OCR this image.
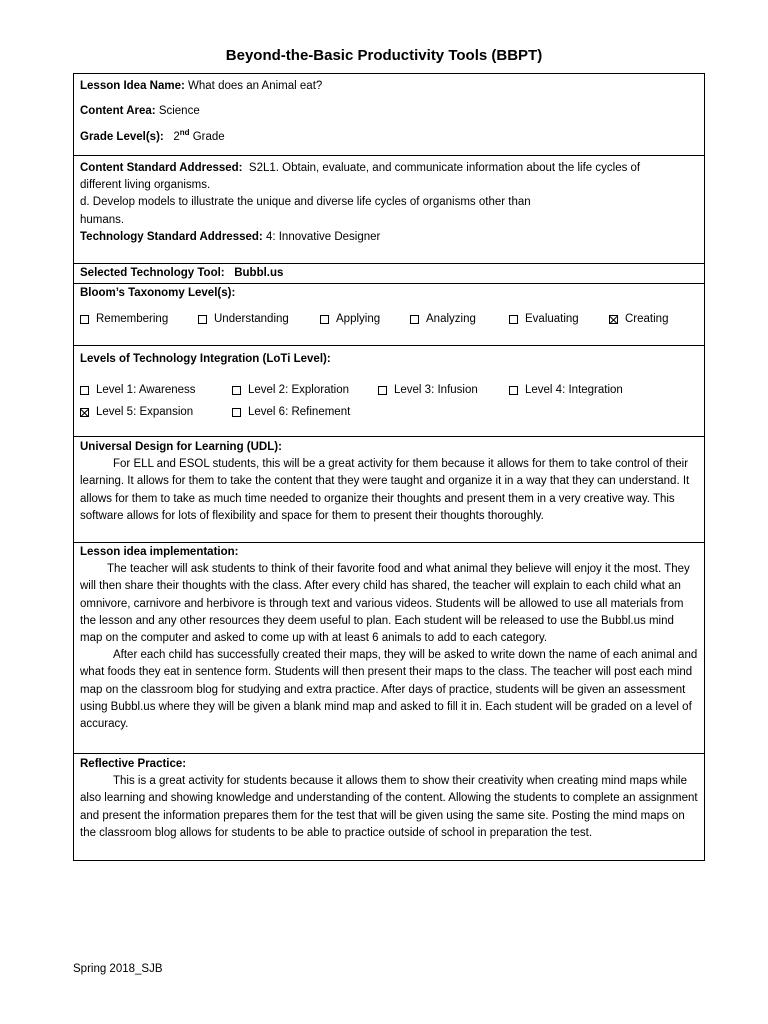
Beyond-the-Basic Productivity Tools (BBPT)
Lesson Idea Name: What does an Animal eat?
Content Area: Science
Grade Level(s): 2nd Grade
Content Standard Addressed: S2L1. Obtain, evaluate, and communicate information about the life cycles of
different living organisms.
d. Develop models to illustrate the unique and diverse life cycles of organisms other than
humans.
Technology Standard Addressed: 4: Innovative Designer
Selected Technology Tool: Bubbl.us
Bloom’s Taxonomy Level(s):
Remembering	Understanding	Applying	Analyzing	Evaluating	Creating
Levels of Technology Integration (LoTi Level):
Level 1: Awareness	Level 2: Exploration	Level 3: Infusion	Level 4: Integration
Level 5: Expansion	Level 6: Refinement
Universal Design for Learning (UDL):
For ELL and ESOL students, this will be a great activity for them because it allows for them to take control of their learning. It allows for them to take the content that they were taught and organize it in a way that they can understand. It allows for them to take as much time needed to organize their thoughts and present them in a very creative way. This software allows for lots of flexibility and space for them to present their thoughts thoroughly.
Lesson idea implementation:
The teacher will ask students to think of their favorite food and what animal they believe will enjoy it the most. They will then share their thoughts with the class. After every child has shared, the teacher will explain to each child what an omnivore, carnivore and herbivore is through text and various videos. Students will be allowed to use all materials from the lesson and any other resources they deem useful to plan. Each student will be released to use the Bubbl.us mind map on the computer and asked to come up with at least 6 animals to add to each category.
After each child has successfully created their maps, they will be asked to write down the name of each animal and what foods they eat in sentence form. Students will then present their maps to the class. The teacher will post each mind map on the classroom blog for studying and extra practice. After days of practice, students will be given an assessment using Bubbl.us where they will be given a blank mind map and asked to fill it in. Each student will be graded on a level of accuracy.
Reflective Practice:
This is a great activity for students because it allows them to show their creativity when creating mind maps while also learning and showing knowledge and understanding of the content. Allowing the students to complete an assignment and present the information prepares them for the test that will be given using the same site. Posting the mind maps on the classroom blog allows for students to be able to practice outside of school in preparation the test.
Spring 2018_SJB
